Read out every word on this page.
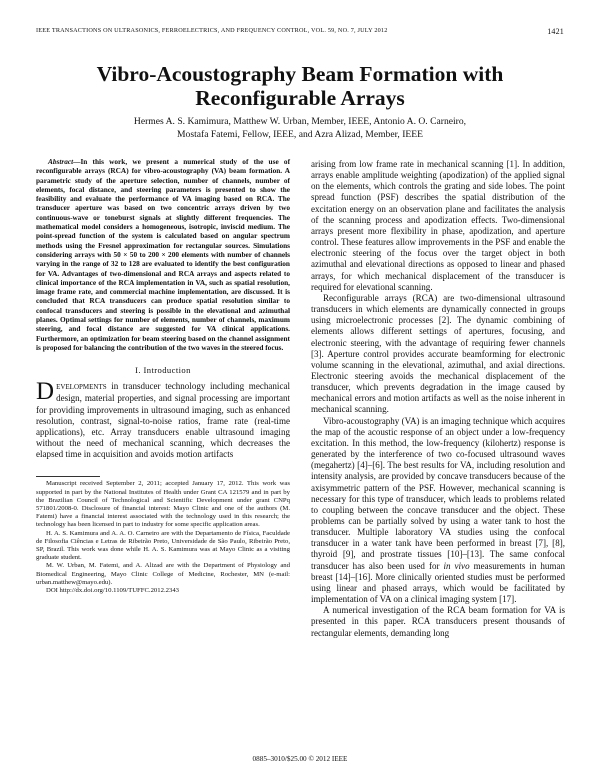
IEEE TRANSACTIONS ON ULTRASONICS, FERROELECTRICS, AND FREQUENCY CONTROL, VOL. 59, NO. 7, JULY 2012	1421
Vibro-Acoustography Beam Formation with Reconfigurable Arrays
Hermes A. S. Kamimura, Matthew W. Urban, Member, IEEE, Antonio A. O. Carneiro,
Mostafa Fatemi, Fellow, IEEE, and Azra Alizad, Member, IEEE

Abstract—In this work, we present a numerical study of the use of reconfigurable arrays (RCA) for vibro-acoustography (VA) beam formation. A parametric study of the aperture selection, number of channels, number of elements, focal distance, and steering parameters is presented to show the feasibility and evaluate the performance of VA imaging based on RCA. The transducer aperture was based on two concentric arrays driven by two continuous-wave or toneburst signals at slightly different frequencies. The mathematical model considers a homogeneous, isotropic, inviscid medium. The point-spread function of the system is calculated based on angular spectrum methods using the Fresnel approximation for rectangular sources. Simulations considering arrays with 50 × 50 to 200 × 200 elements with number of channels varying in the range of 32 to 128 are evaluated to identify the best configuration for VA. Advantages of two-dimensional and RCA arrays and aspects related to clinical importance of the RCA implementation in VA, such as spatial resolution, image frame rate, and commercial machine implementation, are discussed. It is concluded that RCA transducers can produce spatial resolution similar to confocal transducers and steering is possible in the elevational and azimuthal planes. Optimal settings for number of elements, number of channels, maximum steering, and focal distance are suggested for VA clinical applications. Furthermore, an optimization for beam steering based on the channel assignment is proposed for balancing the contribution of the two waves in the steered focus.

I. Introduction

DEVELOPMENTS in transducer technology including mechanical design, material properties, and signal processing are important for providing improvements in ultrasound imaging, such as enhanced resolution, contrast, signal-to-noise ratios, frame rate (real-time applications), etc. Array transducers enable ultrasound imaging without the need of mechanical scanning, which decreases the elapsed time in acquisition and avoids motion artifacts

Manuscript received September 2, 2011; accepted January 17, 2012. This work was supported in part by the National Institutes of Health under Grant CA 121579 and in part by the Brazilian Council of Technological and Scientific Development under grant CNPq 571801/2008-0. Disclosure of financial interest: Mayo Clinic and one of the authors (M. Fatemi) have a financial interest associated with the technology used in this research; the technology has been licensed in part to industry for some specific application areas.

H. A. S. Kamimura and A. A. O. Carneiro are with the Departamento de Física, Faculdade de Filosofia Ciências e Letras de Ribeirão Preto, Universidade de São Paulo, Ribeirão Preto, SP, Brazil. This work was done while H. A. S. Kamimura was at Mayo Clinic as a visiting graduate student.

M. W. Urban, M. Fatemi, and A. Alizad are with the Department of Physiology and Biomedical Engineering, Mayo Clinic College of Medicine, Rochester, MN (e-mail: urban.matthew@mayo.edu).

DOI http://dx.doi.org/10.1109/TUFFC.2012.2343

arising from low frame rate in mechanical scanning [1]. In addition, arrays enable amplitude weighting (apodization) of the applied signal on the elements, which controls the grating and side lobes. The point spread function (PSF) describes the spatial distribution of the excitation energy on an observation plane and facilitates the analysis of the scanning process and apodization effects. Two-dimensional arrays present more flexibility in phase, apodization, and aperture control. These features allow improvements in the PSF and enable the electronic steering of the focus over the target object in both azimuthal and elevational directions as opposed to linear and phased arrays, for which mechanical displacement of the transducer is required for elevational scanning.

Reconfigurable arrays (RCA) are two-dimensional ultrasound transducers in which elements are dynamically connected in groups using microelectronic processes [2]. The dynamic combining of elements allows different settings of apertures, focusing, and electronic steering, with the advantage of requiring fewer channels [3]. Aperture control provides accurate beamforming for electronic volume scanning in the elevational, azimuthal, and axial directions. Electronic steering avoids the mechanical displacement of the transducer, which prevents degradation in the image caused by mechanical errors and motion artifacts as well as the noise inherent in mechanical scanning.

Vibro-acoustography (VA) is an imaging technique which acquires the map of the acoustic response of an object under a low-frequency excitation. In this method, the low-frequency (kilohertz) response is generated by the interference of two co-focused ultrasound waves (megahertz) [4]–[6]. The best results for VA, including resolution and intensity analysis, are provided by concave transducers because of the axisymmetric pattern of the PSF. However, mechanical scanning is necessary for this type of transducer, which leads to problems related to coupling between the concave transducer and the object. These problems can be partially solved by using a water tank to host the transducer. Multiple laboratory VA studies using the confocal transducer in a water tank have been performed in breast [7], [8], thyroid [9], and prostrate tissues [10]–[13]. The same confocal transducer has also been used for in vivo measurements in human breast [14]–[16]. More clinically oriented studies must be performed using linear and phased arrays, which would be facilitated by implementation of VA on a clinical imaging system [17].

A numerical investigation of the RCA beam formation for VA is presented in this paper. RCA transducers present thousands of rectangular elements, demanding long

0885–3010/$25.00 © 2012 IEEE
